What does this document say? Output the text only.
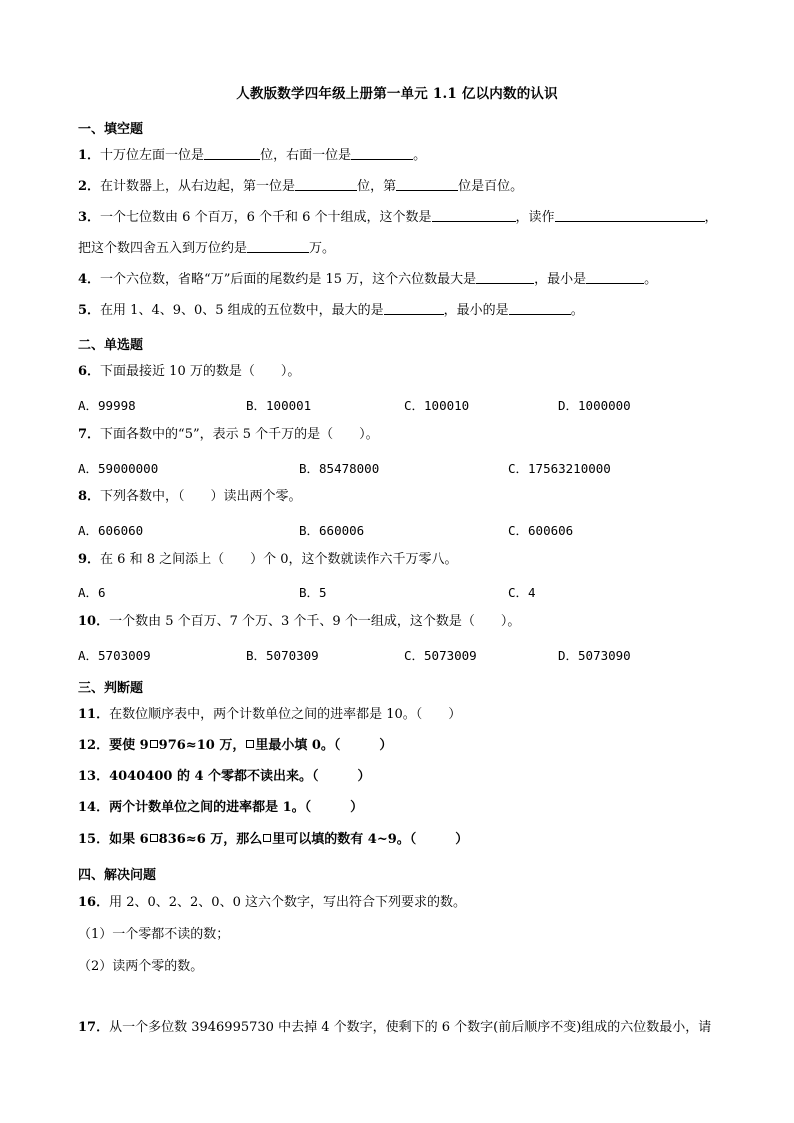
人教版数学四年级上册第一单元 1.1 亿以内数的认识
一、填空题
1．十万位左面一位是	位，右面一位是	。
2．在计数器上，从右边起，第一位是	位，第	位是百位。
3．一个七位数由 6 个百万，6 个千和 6 个十组成，这个数是	，读作	，
把这个数四舍五入到万位约是	万。
4．一个六位数，省略“万”后面的尾数约是 15 万，这个六位数最大是	，最小是	。
5．在用 1、4、9、0、5 组成的五位数中，最大的是	，最小的是	。
二、单选题
6．下面最接近 10 万的数是（　　）。
A．99998	B．100001	C．100010	D．1000000
7．下面各数中的“5”，表示 5 个千万的是（　　）。
A．59000000	B．85478000	C．17563210000
8．下列各数中，（　　）读出两个零。
A．606060	B．660006	C．600606
9．在 6 和 8 之间添上（　　）个 0，这个数就读作六千万零八。
A．6	B．5	C．4
10．一个数由 5 个百万、7 个万、3 个千、9 个一组成，这个数是（　　）。
A．5703009	B．5070309	C．5073009	D．5073090
三、判断题
11．在数位顺序表中，两个计数单位之间的进率都是 10。（　　）
12．要使 9 976≈10 万， 里最小填 0。（　　　）
13．4040400 的 4 个零都不读出来。（　　　）
14．两个计数单位之间的进率都是 1。（　　　）
15．如果 6 836≈6 万，那么 里可以填的数有 4~9。（　　　）
四、解决问题
16．用 2、0、2、2、0、0 这六个数字，写出符合下列要求的数。
（1）一个零都不读的数；
（2）读两个零的数。
17．从一个多位数 3946995730 中去掉 4 个数字，使剩下的 6 个数字(前后顺序不变)组成的六位数最小，请
